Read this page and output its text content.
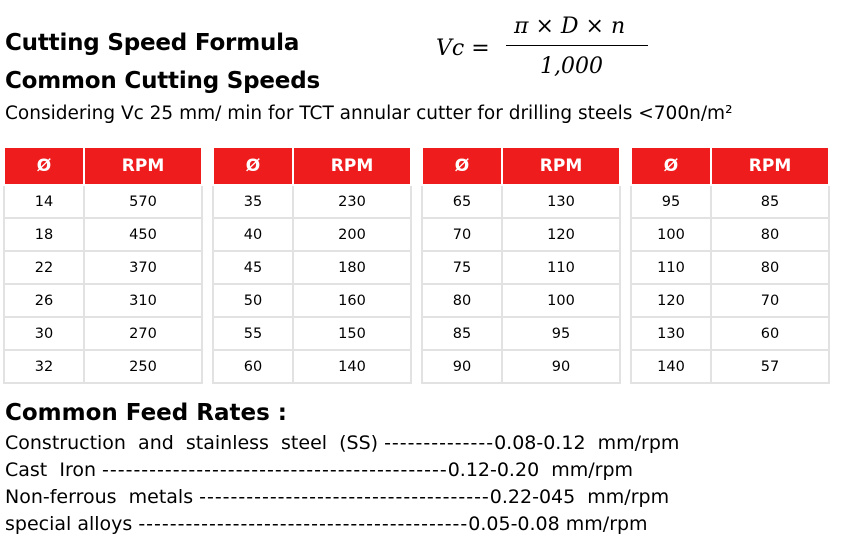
Cutting Speed Formula
Common Cutting Speeds
Vc =
π × D × n
1,000
Considering Vc 25 mm/ min for TCT annular cutter for drilling steels <700n/m²
Ø	RPM
14	570
18	450
22	370
26	310
30	270
32	250
Ø	RPM
35	230
40	200
45	180
50	160
55	150
60	140
Ø	RPM
65	130
70	120
75	110
80	100
85	95
90	90
Ø	RPM
95	85
100	80
110	80
120	70
130	60
140	57
Common Feed Rates :
Construction  and  stainless  steel  (SS) -------------- 0.08-0.12  mm/rpm
Cast  Iron -------------------------------------------- 0.12-0.20  mm/rpm
Non-ferrous  metals ------------------------------------- 0.22-045  mm/rpm
special alloys ------------------------------------------ 0.05-0.08 mm/rpm
